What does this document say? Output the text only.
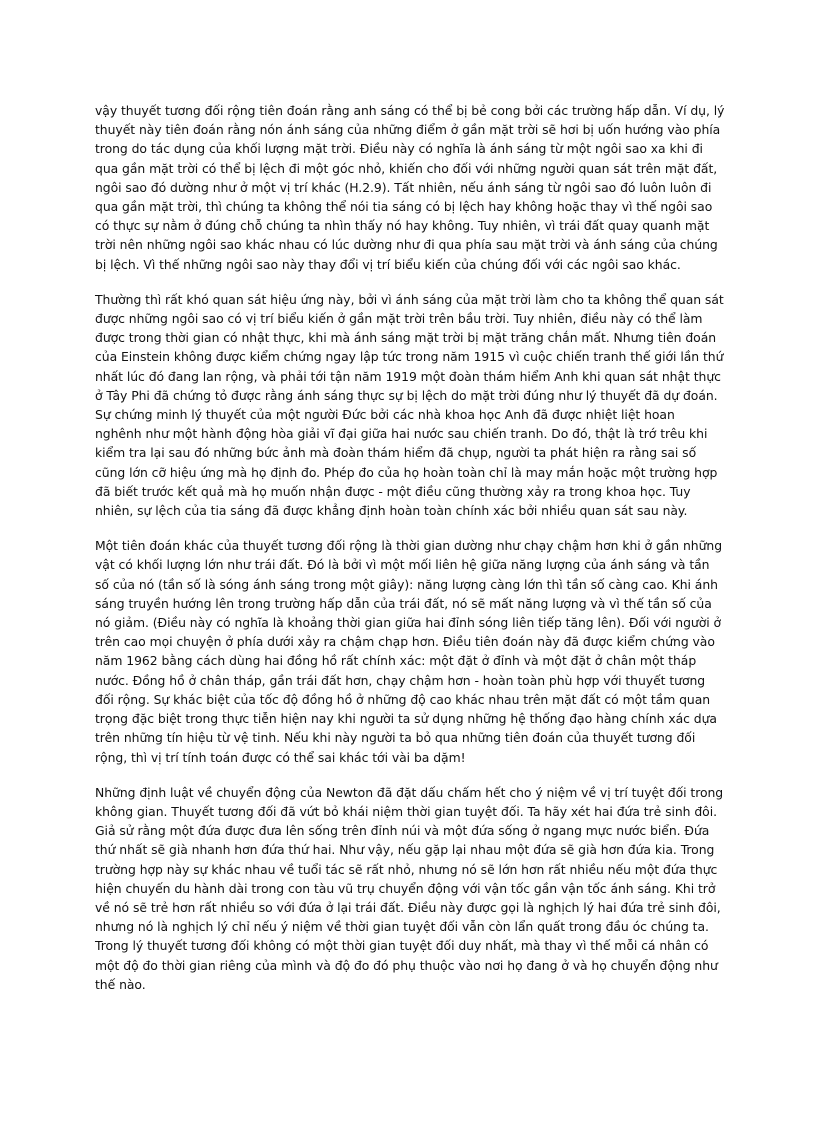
vậy thuyết tương đối rộng tiên đoán rằng anh sáng có thể bị bẻ cong bởi các trường hấp dẫn. Ví dụ, lý thuyết này tiên đoán rằng nón ánh sáng của những điểm ở gần mặt trời sẽ hơi bị uốn hướng vào phía trong do tác dụng của khối lượng mặt trời. Điều này có nghĩa là ánh sáng từ một ngôi sao xa khi đi qua gần mặt trời có thể bị lệch đi một góc nhỏ, khiến cho đối với những người quan sát trên mặt đất, ngôi sao đó dường như ở một vị trí khác (H.2.9). Tất nhiên, nếu ánh sáng từ ngôi sao đó luôn luôn đi qua gần mặt trời, thì chúng ta không thể nói tia sáng có bị lệch hay không hoặc thay vì thế ngôi sao có thực sự nằm ở đúng chỗ chúng ta nhìn thấy nó hay không. Tuy nhiên, vì trái đất quay quanh mặt trời nên những ngôi sao khác nhau có lúc dường như đi qua phía sau mặt trời và ánh sáng của chúng bị lệch. Vì thế những ngôi sao này thay đổi vị trí biểu kiến của chúng đối với các ngôi sao khác.

Thường thì rất khó quan sát hiệu ứng này, bởi vì ánh sáng của mặt trời làm cho ta không thể quan sát được những ngôi sao có vị trí biểu kiến ở gần mặt trời trên bầu trời. Tuy nhiên, điều này có thể làm được trong thời gian có nhật thực, khi mà ánh sáng mặt trời bị mặt trăng chắn mất. Nhưng tiên đoán của Einstein không được kiểm chứng ngay lập tức trong năm 1915 vì cuộc chiến tranh thế giới lần thứ nhất lúc đó đang lan rộng, và phải tới tận năm 1919 một đoàn thám hiểm Anh khi quan sát nhật thực ở Tây Phi đã chứng tỏ được rằng ánh sáng thực sự bị lệch do mặt trời đúng như lý thuyết đã dự đoán. Sự chứng minh lý thuyết của một người Đức bởi các nhà khoa học Anh đã được nhiệt liệt hoan nghênh như một hành động hòa giải vĩ đại giữa hai nước sau chiến tranh. Do đó, thật là trớ trêu khi kiểm tra lại sau đó những bức ảnh mà đoàn thám hiểm đã chụp, người ta phát hiện ra rằng sai số cũng lớn cỡ hiệu ứng mà họ định đo. Phép đo của họ hoàn toàn chỉ là may mắn hoặc một trường hợp đã biết trước kết quả mà họ muốn nhận được - một điều cũng thường xảy ra trong khoa học. Tuy nhiên, sự lệch của tia sáng đã được khẳng định hoàn toàn chính xác bởi nhiều quan sát sau này.

Một tiên đoán khác của thuyết tương đối rộng là thời gian dường như chạy chậm hơn khi ở gần những vật có khối lượng lớn như trái đất. Đó là bởi vì một mối liên hệ giữa năng lượng của ánh sáng và tần số của nó (tần số là sóng ánh sáng trong một giây): năng lượng càng lớn thì tần số càng cao. Khi ánh sáng truyền hướng lên trong trường hấp dẫn của trái đất, nó sẽ mất năng lượng và vì thế tần số của nó giảm. (Điều này có nghĩa là khoảng thời gian giữa hai đỉnh sóng liên tiếp tăng lên). Đối với người ở trên cao mọi chuyện ở phía dưới xảy ra chậm chạp hơn. Điều tiên đoán này đã được kiểm chứng vào năm 1962 bằng cách dùng hai đồng hồ rất chính xác: một đặt ở đỉnh và một đặt ở chân một tháp nước. Đồng hồ ở chân tháp, gần trái đất hơn, chạy chậm hơn - hoàn toàn phù hợp với thuyết tương đối rộng. Sự khác biệt của tốc độ đồng hồ ở những độ cao khác nhau trên mặt đất có một tầm quan trọng đặc biệt trong thực tiễn hiện nay khi người ta sử dụng những hệ thống đạo hàng chính xác dựa trên những tín hiệu từ vệ tinh. Nếu khi này người ta bỏ qua những tiên đoán của thuyết tương đối rộng, thì vị trí tính toán được có thể sai khác tới vài ba dặm!

Những định luật về chuyển động của Newton đã đặt dấu chấm hết cho ý niệm về vị trí tuyệt đối trong không gian. Thuyết tương đối đã vứt bỏ khái niệm thời gian tuyệt đối. Ta hãy xét hai đứa trẻ sinh đôi. Giả sử rằng một đứa được đưa lên sống trên đỉnh núi và một đứa sống ở ngang mực nước biển. Đứa thứ nhất sẽ già nhanh hơn đứa thứ hai. Như vậy, nếu gặp lại nhau một đứa sẽ già hơn đứa kia. Trong trường hợp này sự khác nhau về tuổi tác sẽ rất nhỏ, nhưng nó sẽ lớn hơn rất nhiều nếu một đứa thực hiện chuyến du hành dài trong con tàu vũ trụ chuyển động với vận tốc gần vận tốc ánh sáng. Khi trở về nó sẽ trẻ hơn rất nhiều so với đứa ở lại trái đất. Điều này được gọi là nghịch lý hai đứa trẻ sinh đôi, nhưng nó là nghịch lý chỉ nếu ý niệm về thời gian tuyệt đối vẫn còn lẩn quất trong đầu óc chúng ta. Trong lý thuyết tương đối không có một thời gian tuyệt đối duy nhất, mà thay vì thế mỗi cá nhân có một độ đo thời gian riêng của mình và độ đo đó phụ thuộc vào nơi họ đang ở và họ chuyển động như thế nào.
